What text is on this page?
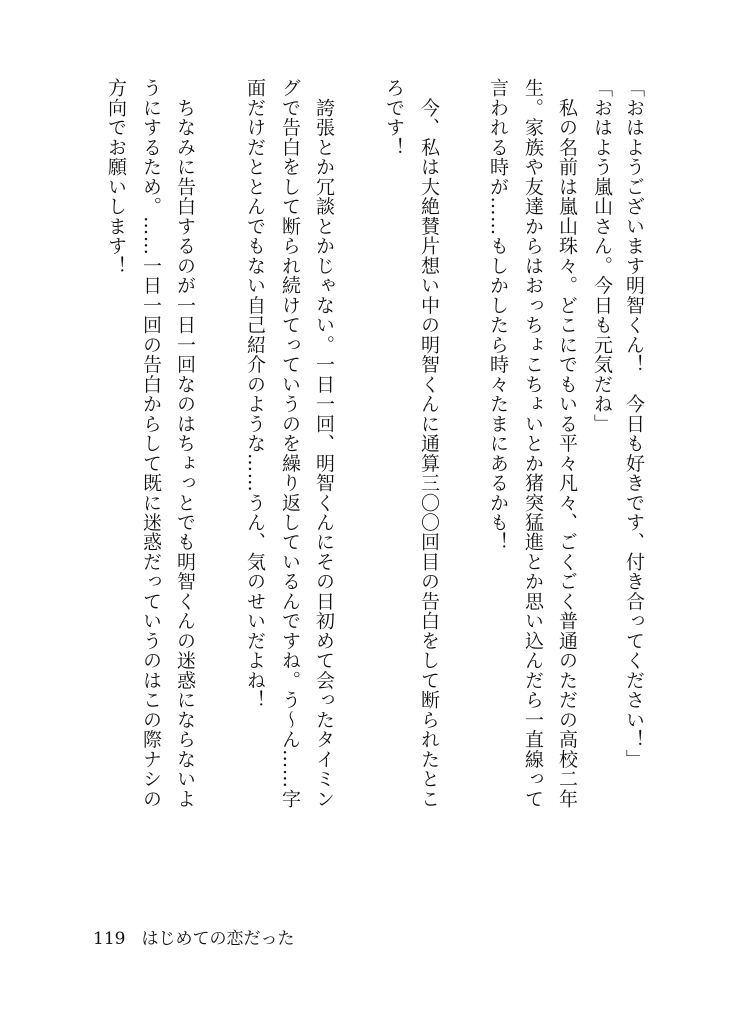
「おはようございます明智くん！　今日も好きです、付き合ってください！」
「おはよう嵐山さん。今日も元気だね」
　私の名前は嵐山珠々。どこにでもいる平々凡々、ごくごく普通のただの高校二年
生。家族や友達からはおっちょこちょいとか猪突猛進とか思い込んだら一直線って
言われる時が……もしかしたら時々たまにあるかも！
　今、私は大絶賛片想い中の明智くんに通算三〇〇回目の告白をして断られたとこ
ろです！
　誇張とか冗談とかじゃない。一日一回、明智くんにその日初めて会ったタイミン
グで告白をして断られ続けてっていうのを繰り返しているんですね。う〜ん……字
面だけだととんでもない自己紹介のような……うん、気のせいだよね！
　ちなみに告白するのが一日一回なのはちょっとでも明智くんの迷惑にならないよ
うにするため。……一日一回の告白からして既に迷惑だっていうのはこの際ナシの
方向でお願いします！
119 はじめての恋だった
